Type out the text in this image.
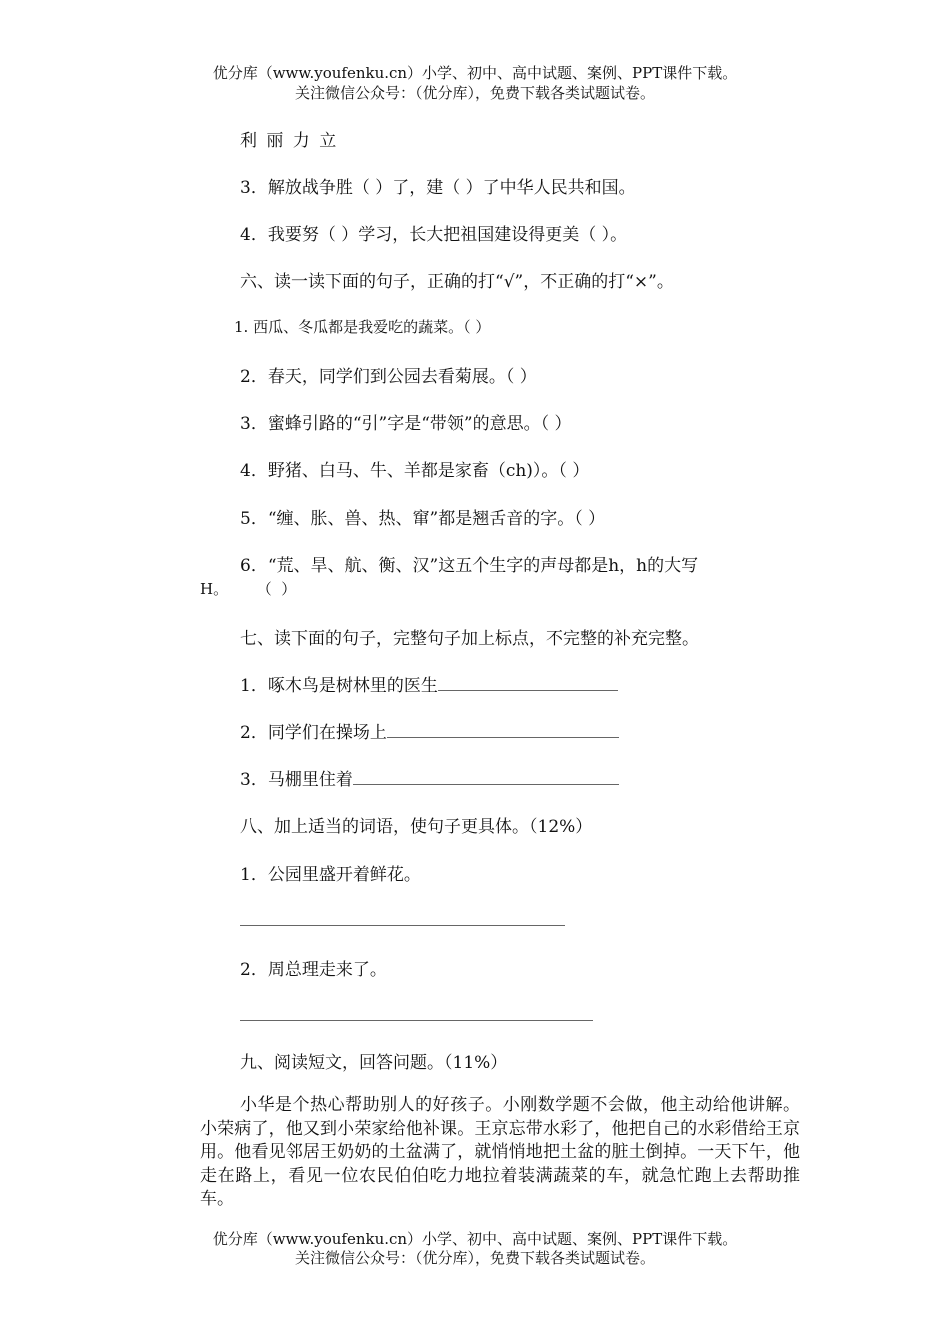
优分库（www.youfenku.cn）小学、初中、高中试题、案例、PPT课件下载。
关注微信公众号：（优分库），免费下载各类试题试卷。
利 丽 力 立
3．解放战争胜（ ）了，建（ ）了中华人民共和国。
4．我要努（ ）学习，长大把祖国建设得更美（ ）。
六、读一读下面的句子，正确的打“√”，不正确的打“×”。
1. 西瓜、冬瓜都是我爱吃的蔬菜。（ ）
2．春天，同学们到公园去看菊展。（ ）
3．蜜蜂引路的“引”字是“带领”的意思。（ ）
4．野猪、白马、牛、羊都是家畜（ch)）。（ ）
5．“缠、胀、兽、热、窜”都是翘舌音的字。（ ）
6．“荒、旱、航、衡、汉”这五个生字的声母都是h，h的大写
H。      （  ）
七、读下面的句子，完整句子加上标点，不完整的补充完整。
1．啄木鸟是树林里的医生
2．同学们在操场上
3．马棚里住着
八、加上适当的词语，使句子更具体。（12%）
1．公园里盛开着鲜花。
2．周总理走来了。
九、阅读短文，回答问题。（11%）
小华是个热心帮助别人的好孩子。小刚数学题不会做，他主动给他讲解。小荣病了，他又到小荣家给他补课。王京忘带水彩了，他把自己的水彩借给王京用。他看见邻居王奶奶的土盆满了，就悄悄地把土盆的脏土倒掉。一天下午，他走在路上，看见一位农民伯伯吃力地拉着装满蔬菜的车，就急忙跑上去帮助推车。
优分库（www.youfenku.cn）小学、初中、高中试题、案例、PPT课件下载。
关注微信公众号：（优分库），免费下载各类试题试卷。
